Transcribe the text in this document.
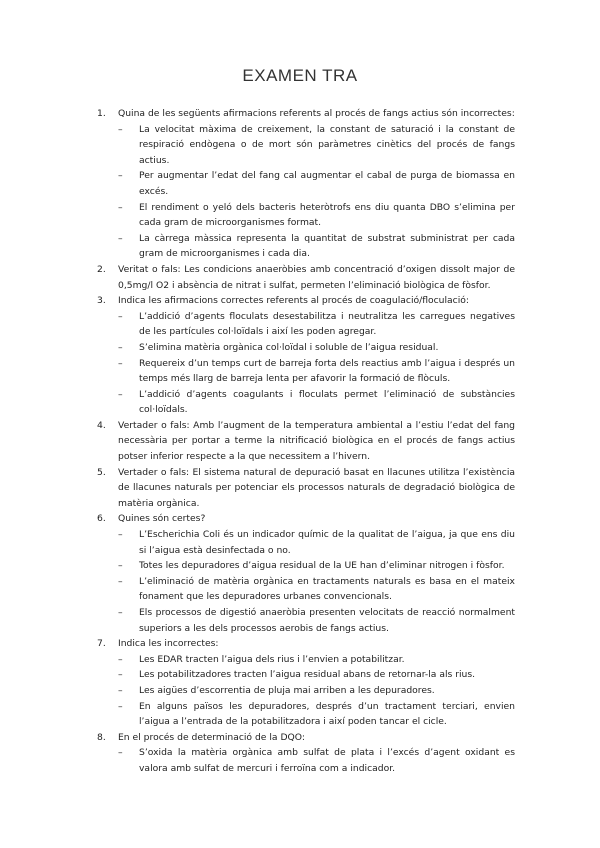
EXAMEN TRA
1. Quina de les següents afirmacions referents al procés de fangs actius són incorrectes:
– La velocitat màxima de creixement, la constant de saturació i la constant de respiració endògena o de mort són paràmetres cinètics del procés de fangs actius.
– Per augmentar l’edat del fang cal augmentar el cabal de purga de biomassa en excés.
– El rendiment o yeló dels bacteris heteròtrofs ens diu quanta DBO s’elimina per cada gram de microorganismes format.
– La càrrega màssica representa la quantitat de substrat subministrat per cada gram de microorganismes i cada dia.
2. Veritat o fals: Les condicions anaeròbies amb concentració d’oxigen dissolt major de 0,5mg/l O2 i absència de nitrat i sulfat, permeten l’eliminació biològica de fòsfor.
3. Indica les afirmacions correctes referents al procés de coagulació/floculació:
– L’addició d’agents floculats desestabilitza i neutralitza les carregues negatives de les partícules col·loïdals i així les poden agregar.
– S’elimina matèria orgànica col·loïdal i soluble de l’aigua residual.
– Requereix d’un temps curt de barreja forta dels reactius amb l’aigua i després un temps més llarg de barreja lenta per afavorir la formació de flòculs.
– L’addició d’agents coagulants i floculats permet l’eliminació de substàncies col·loïdals.
4. Vertader o fals: Amb l’augment de la temperatura ambiental a l’estiu l’edat del fang necessària per portar a terme la nitrificació biològica en el procés de fangs actius potser inferior respecte a la que necessitem a l’hivern.
5. Vertader o fals: El sistema natural de depuració basat en llacunes utilitza l’existència de llacunes naturals per potenciar els processos naturals de degradació biològica de matèria orgànica.
6. Quines són certes?
– L’Escherichia Coli és un indicador químic de la qualitat de l’aigua, ja que ens diu si l’aigua està desinfectada o no.
– Totes les depuradores d’aigua residual de la UE han d’eliminar nitrogen i fòsfor.
– L’eliminació de matèria orgànica en tractaments naturals es basa en el mateix fonament que les depuradores urbanes convencionals.
– Els processos de digestió anaeròbia presenten velocitats de reacció normalment superiors a les dels processos aerobis de fangs actius.
7. Indica les incorrectes:
– Les EDAR tracten l’aigua dels rius i l’envien a potabilitzar.
– Les potabilitzadores tracten l’aigua residual abans de retornar-la als rius.
– Les aigües d’escorrentia de pluja mai arriben a les depuradores.
– En alguns països les depuradores, després d’un tractament terciari, envien l’aigua a l’entrada de la potabilitzadora i així poden tancar el cicle.
8. En el procés de determinació de la DQO:
– S’oxida la matèria orgànica amb sulfat de plata i l’excés d’agent oxidant es valora amb sulfat de mercuri i ferroïna com a indicador.
